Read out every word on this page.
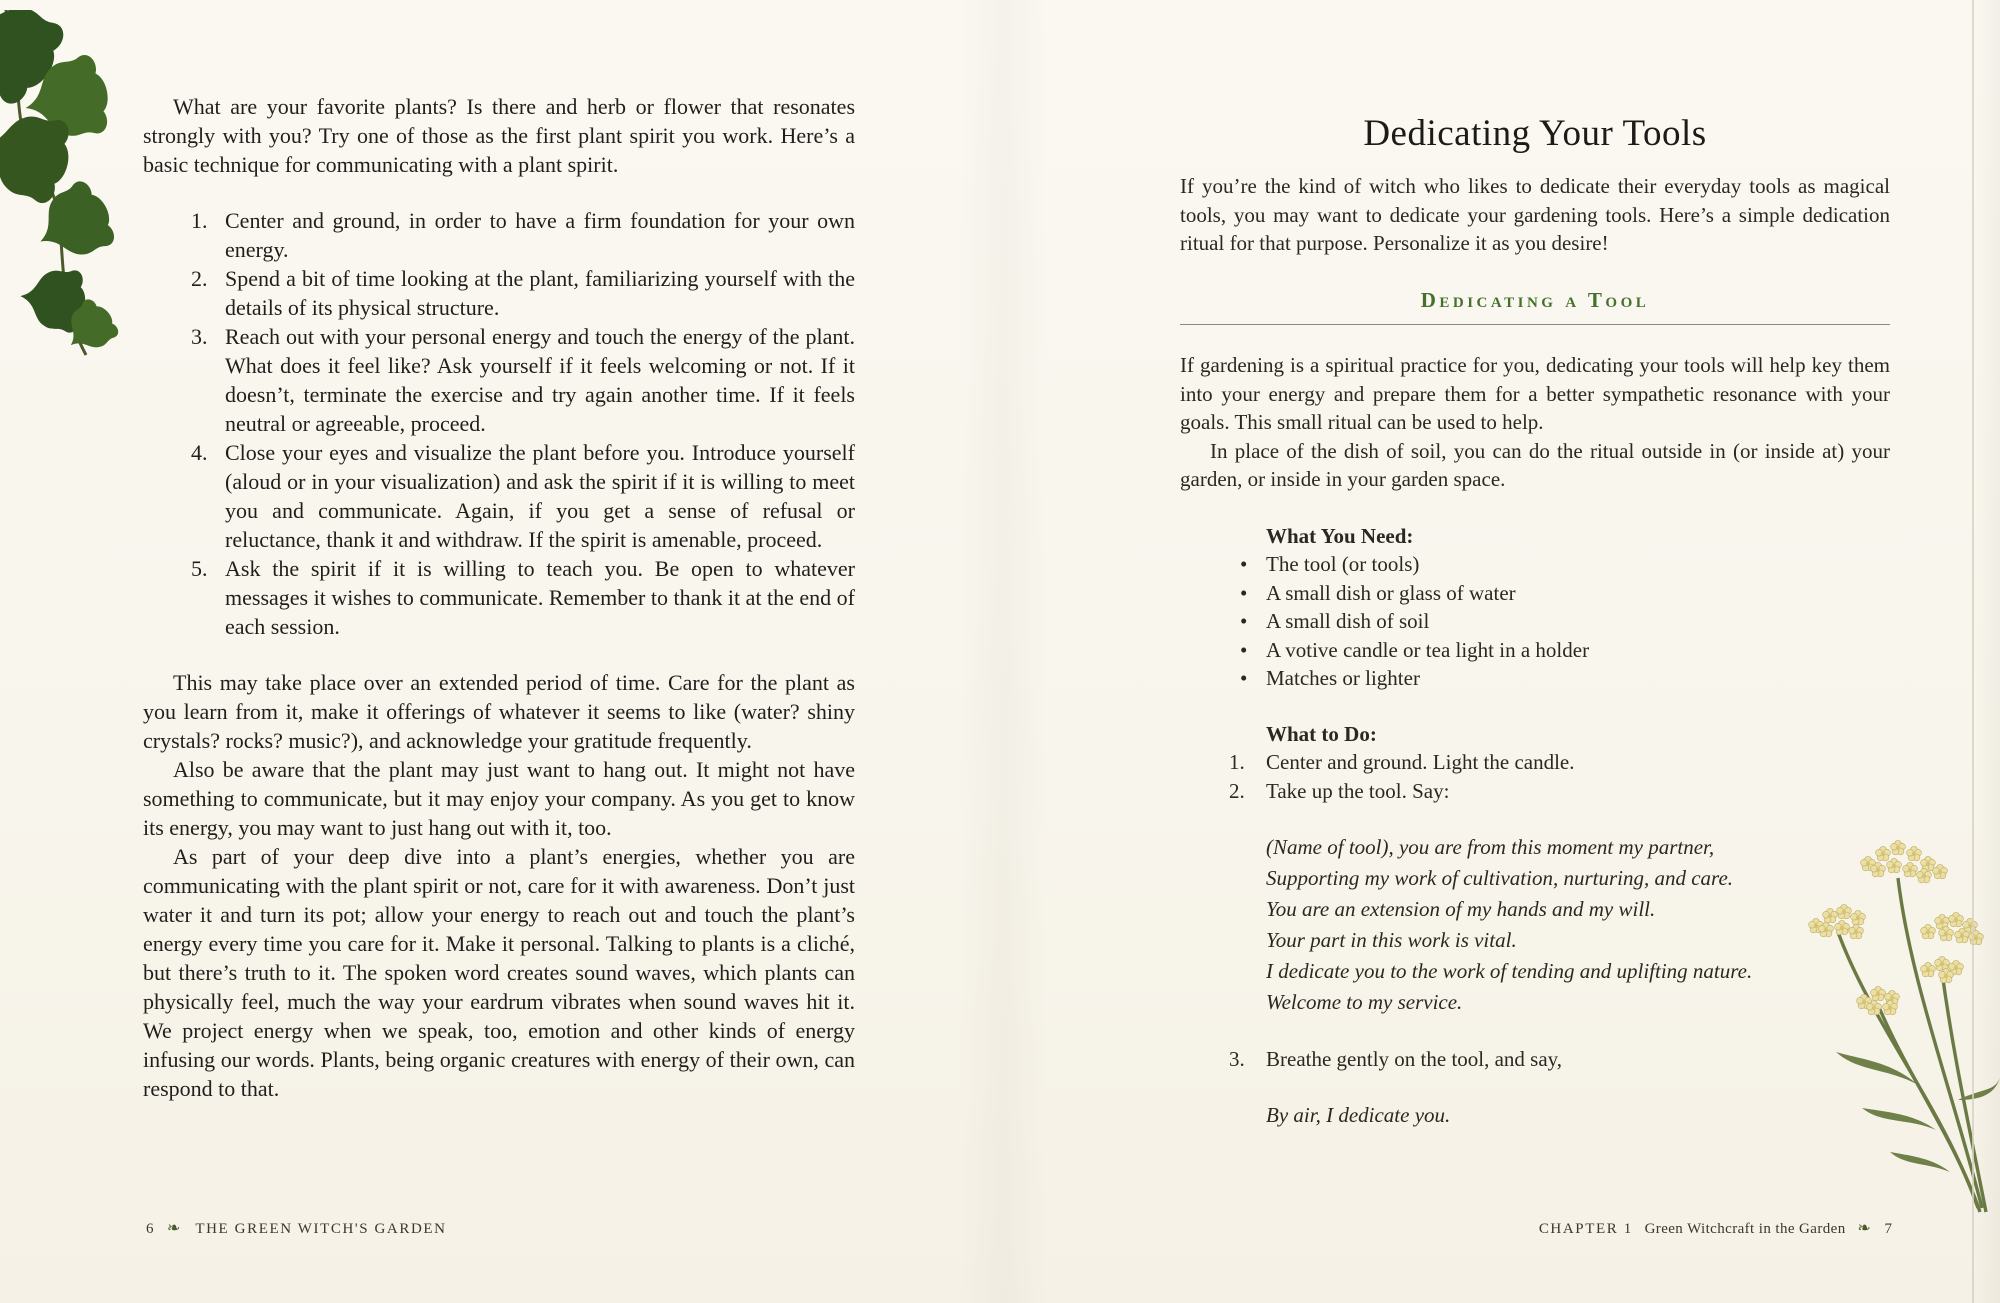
What are your favorite plants? Is there and herb or flower that resonates strongly with you? Try one of those as the first plant spirit you work. Here’s a basic technique for communicating with a plant spirit.

1. Center and ground, in order to have a firm foundation for your own energy.
2. Spend a bit of time looking at the plant, familiarizing yourself with the details of its physical structure.
3. Reach out with your personal energy and touch the energy of the plant. What does it feel like? Ask yourself if it feels welcoming or not. If it doesn’t, terminate the exercise and try again another time. If it feels neutral or agreeable, proceed.
4. Close your eyes and visualize the plant before you. Introduce yourself (aloud or in your visualization) and ask the spirit if it is willing to meet you and communicate. Again, if you get a sense of refusal or reluctance, thank it and withdraw. If the spirit is amenable, proceed.
5. Ask the spirit if it is willing to teach you. Be open to whatever messages it wishes to communicate. Remember to thank it at the end of each session.

This may take place over an extended period of time. Care for the plant as you learn from it, make it offerings of whatever it seems to like (water? shiny crystals? rocks? music?), and acknowledge your gratitude frequently.

Also be aware that the plant may just want to hang out. It might not have something to communicate, but it may enjoy your company. As you get to know its energy, you may want to just hang out with it, too.

As part of your deep dive into a plant’s energies, whether you are communicating with the plant spirit or not, care for it with awareness. Don’t just water it and turn its pot; allow your energy to reach out and touch the plant’s energy every time you care for it. Make it personal. Talking to plants is a cliché, but there’s truth to it. The spoken word creates sound waves, which plants can physically feel, much the way your eardrum vibrates when sound waves hit it. We project energy when we speak, too, emotion and other kinds of energy infusing our words. Plants, being organic creatures with energy of their own, can respond to that.

6 ❧ THE GREEN WITCH'S GARDEN
Dedicating Your Tools

If you’re the kind of witch who likes to dedicate their everyday tools as magical tools, you may want to dedicate your gardening tools. Here’s a simple dedication ritual for that purpose. Personalize it as you desire!

Dedicating a Tool

If gardening is a spiritual practice for you, dedicating your tools will help key them into your energy and prepare them for a better sympathetic resonance with your goals. This small ritual can be used to help.

In place of the dish of soil, you can do the ritual outside in (or inside at) your garden, or inside in your garden space.

What You Need:

• The tool (or tools)
• A small dish or glass of water
• A small dish of soil
• A votive candle or tea light in a holder
• Matches or lighter

What to Do:

1.	Center and ground. Light the candle.
2.	Take up the tool. Say:
(Name of tool), you are from this moment my partner,
Supporting my work of cultivation, nurturing, and care.
You are an extension of my hands and my will.
Your part in this work is vital.
I dedicate you to the work of tending and uplifting nature.
Welcome to my service.
3.	Breathe gently on the tool, and say,
By air, I dedicate you.
CHAPTER 1 Green Witchcraft in the Garden ❧ 7
